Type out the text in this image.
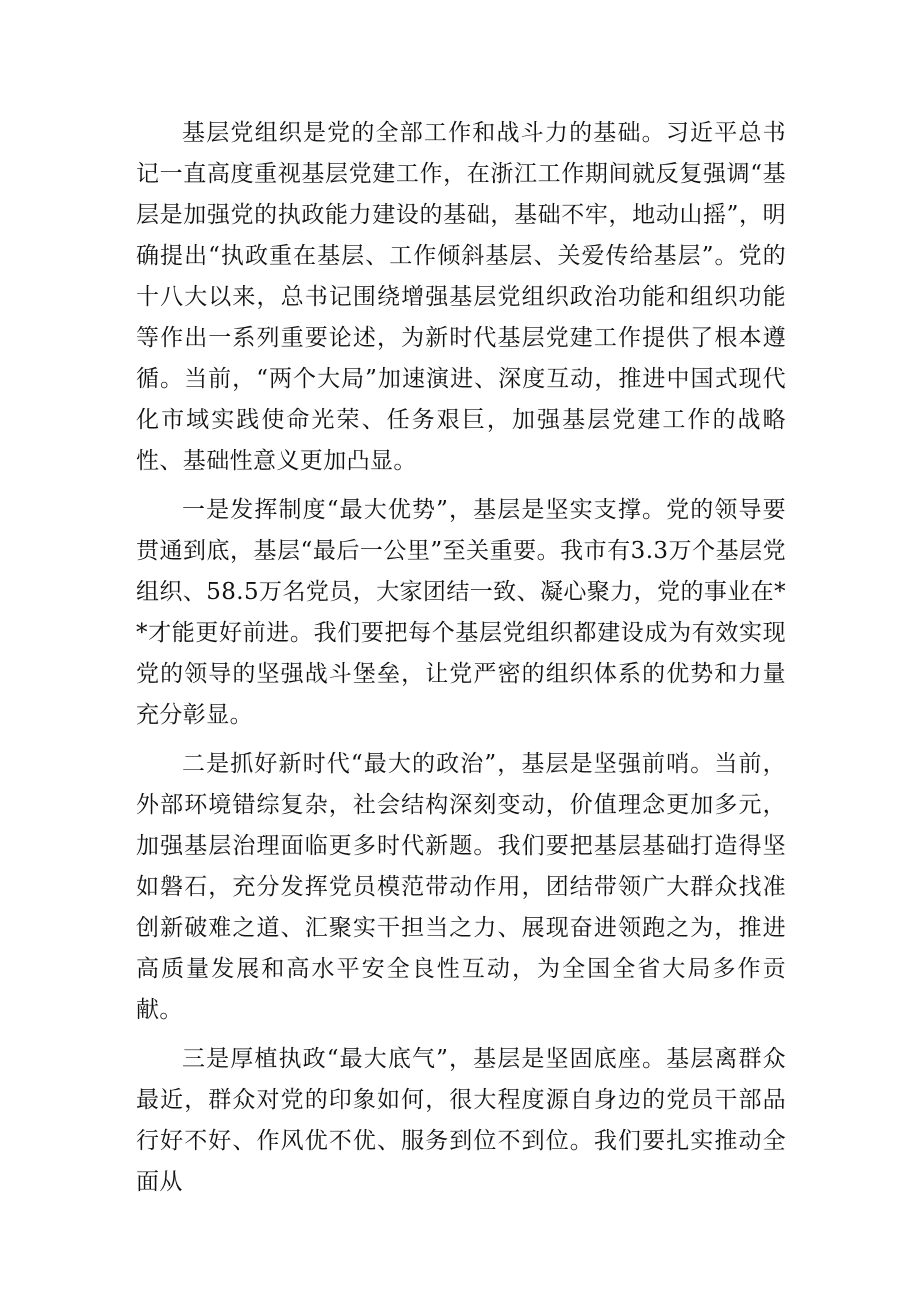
基层党组织是党的全部工作和战斗力的基础。习近平总书记一直高度重视基层党建工作，在浙江工作期间就反复强调“基层是加强党的执政能力建设的基础，基础不牢，地动山摇”，明确提出“执政重在基层、工作倾斜基层、关爱传给基层”。党的十八大以来，总书记围绕增强基层党组织政治功能和组织功能等作出一系列重要论述，为新时代基层党建工作提供了根本遵循。当前，“两个大局”加速演进、深度互动，推进中国式现代化市域实践使命光荣、任务艰巨，加强基层党建工作的战略性、基础性意义更加凸显。

一是发挥制度“最大优势”，基层是坚实支撑。党的领导要贯通到底，基层“最后一公里”至关重要。我市有3.3万个基层党组织、58.5万名党员，大家团结一致、凝心聚力，党的事业在**才能更好前进。我们要把每个基层党组织都建设成为有效实现党的领导的坚强战斗堡垒，让党严密的组织体系的优势和力量充分彰显。

二是抓好新时代“最大的政治”，基层是坚强前哨。当前，外部环境错综复杂，社会结构深刻变动，价值理念更加多元，加强基层治理面临更多时代新题。我们要把基层基础打造得坚如磐石，充分发挥党员模范带动作用，团结带领广大群众找准创新破难之道、汇聚实干担当之力、展现奋进领跑之为，推进高质量发展和高水平安全良性互动，为全国全省大局多作贡献。

三是厚植执政“最大底气”，基层是坚固底座。基层离群众最近，群众对党的印象如何，很大程度源自身边的党员干部品行好不好、作风优不优、服务到位不到位。我们要扎实推动全面从
